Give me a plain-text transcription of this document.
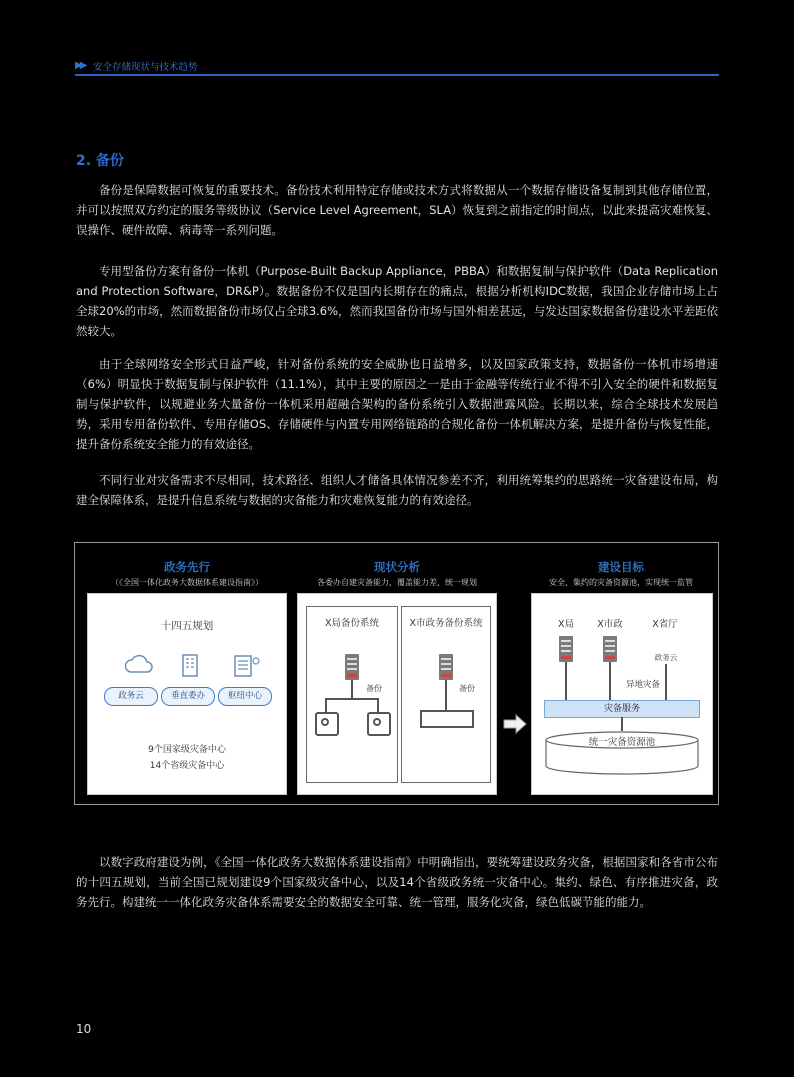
▶▶ 安全存储现状与技术趋势
2. 备份
备份是保障数据可恢复的重要技术。备份技术利用特定存储或技术方式将数据从一个数据存储设备复制到其他存储位置，并可以按照双方约定的服务等级协议（Service Level Agreement，SLA）恢复到之前指定的时间点，以此来提高灾难恢复、误操作、硬件故障、病毒等一系列问题。
专用型备份方案有备份一体机（Purpose-Built Backup Appliance，PBBA）和数据复制与保护软件（Data Replication and Protection Software，DR&P）。数据备份不仅是国内长期存在的痛点，根据分析机构IDC数据，我国企业存储市场上占全球20%的市场，然而数据备份市场仅占全球3.6%，然而我国备份市场与国外相差甚远，与发达国家数据备份建设水平差距依然较大。
由于全球网络安全形式日益严峻，针对备份系统的安全威胁也日益增多，以及国家政策支持，数据备份一体机市场增速（6%）明显快于数据复制与保护软件（11.1%），其中主要的原因之一是由于金融等传统行业不得不引入安全的硬件和数据复制与保护软件，以规避业务大量备份一体机采用超融合架构的备份系统引入数据泄露风险。长期以来，综合全球技术发展趋势，采用专用备份软件、专用存储OS、存储硬件与内置专用网络链路的合规化备份一体机解决方案，是提升备份与恢复性能，提升备份系统安全能力的有效途径。
不同行业对灾备需求不尽相同，技术路径、组织人才储备具体情况参差不齐，利用统筹集约的思路统一灾备建设布局，构建全保障体系，是提升信息系统与数据的灾备能力和灾难恢复能力的有效途径。
政务先行
（《全国一体化政务大数据体系建设指南》）
十四五规划
政务云	垂直委办	枢纽中心
9个国家级灾备中心
14个省级灾备中心
现状分析
各委办自建灾备能力，覆盖能力差，统一规划
X局备份系统
备份
X市政务备份系统
备份
建设目标
安全、集约的灾备资源池，实现统一监管
X局	X市政	X省厅
政务云
异地灾备
灾备服务
统一灾备资源池
以数字政府建设为例，《全国一体化政务大数据体系建设指南》中明确指出，要统筹建设政务灾备，根据国家和各省市公布的十四五规划，当前全国已规划建设9个国家级灾备中心，以及14个省级政务统一灾备中心。集约、绿色、有序推进灾备，政务先行。构建统一一体化政务灾备体系需要安全的数据安全可靠、统一管理，服务化灾备，绿色低碳节能的能力。
10
